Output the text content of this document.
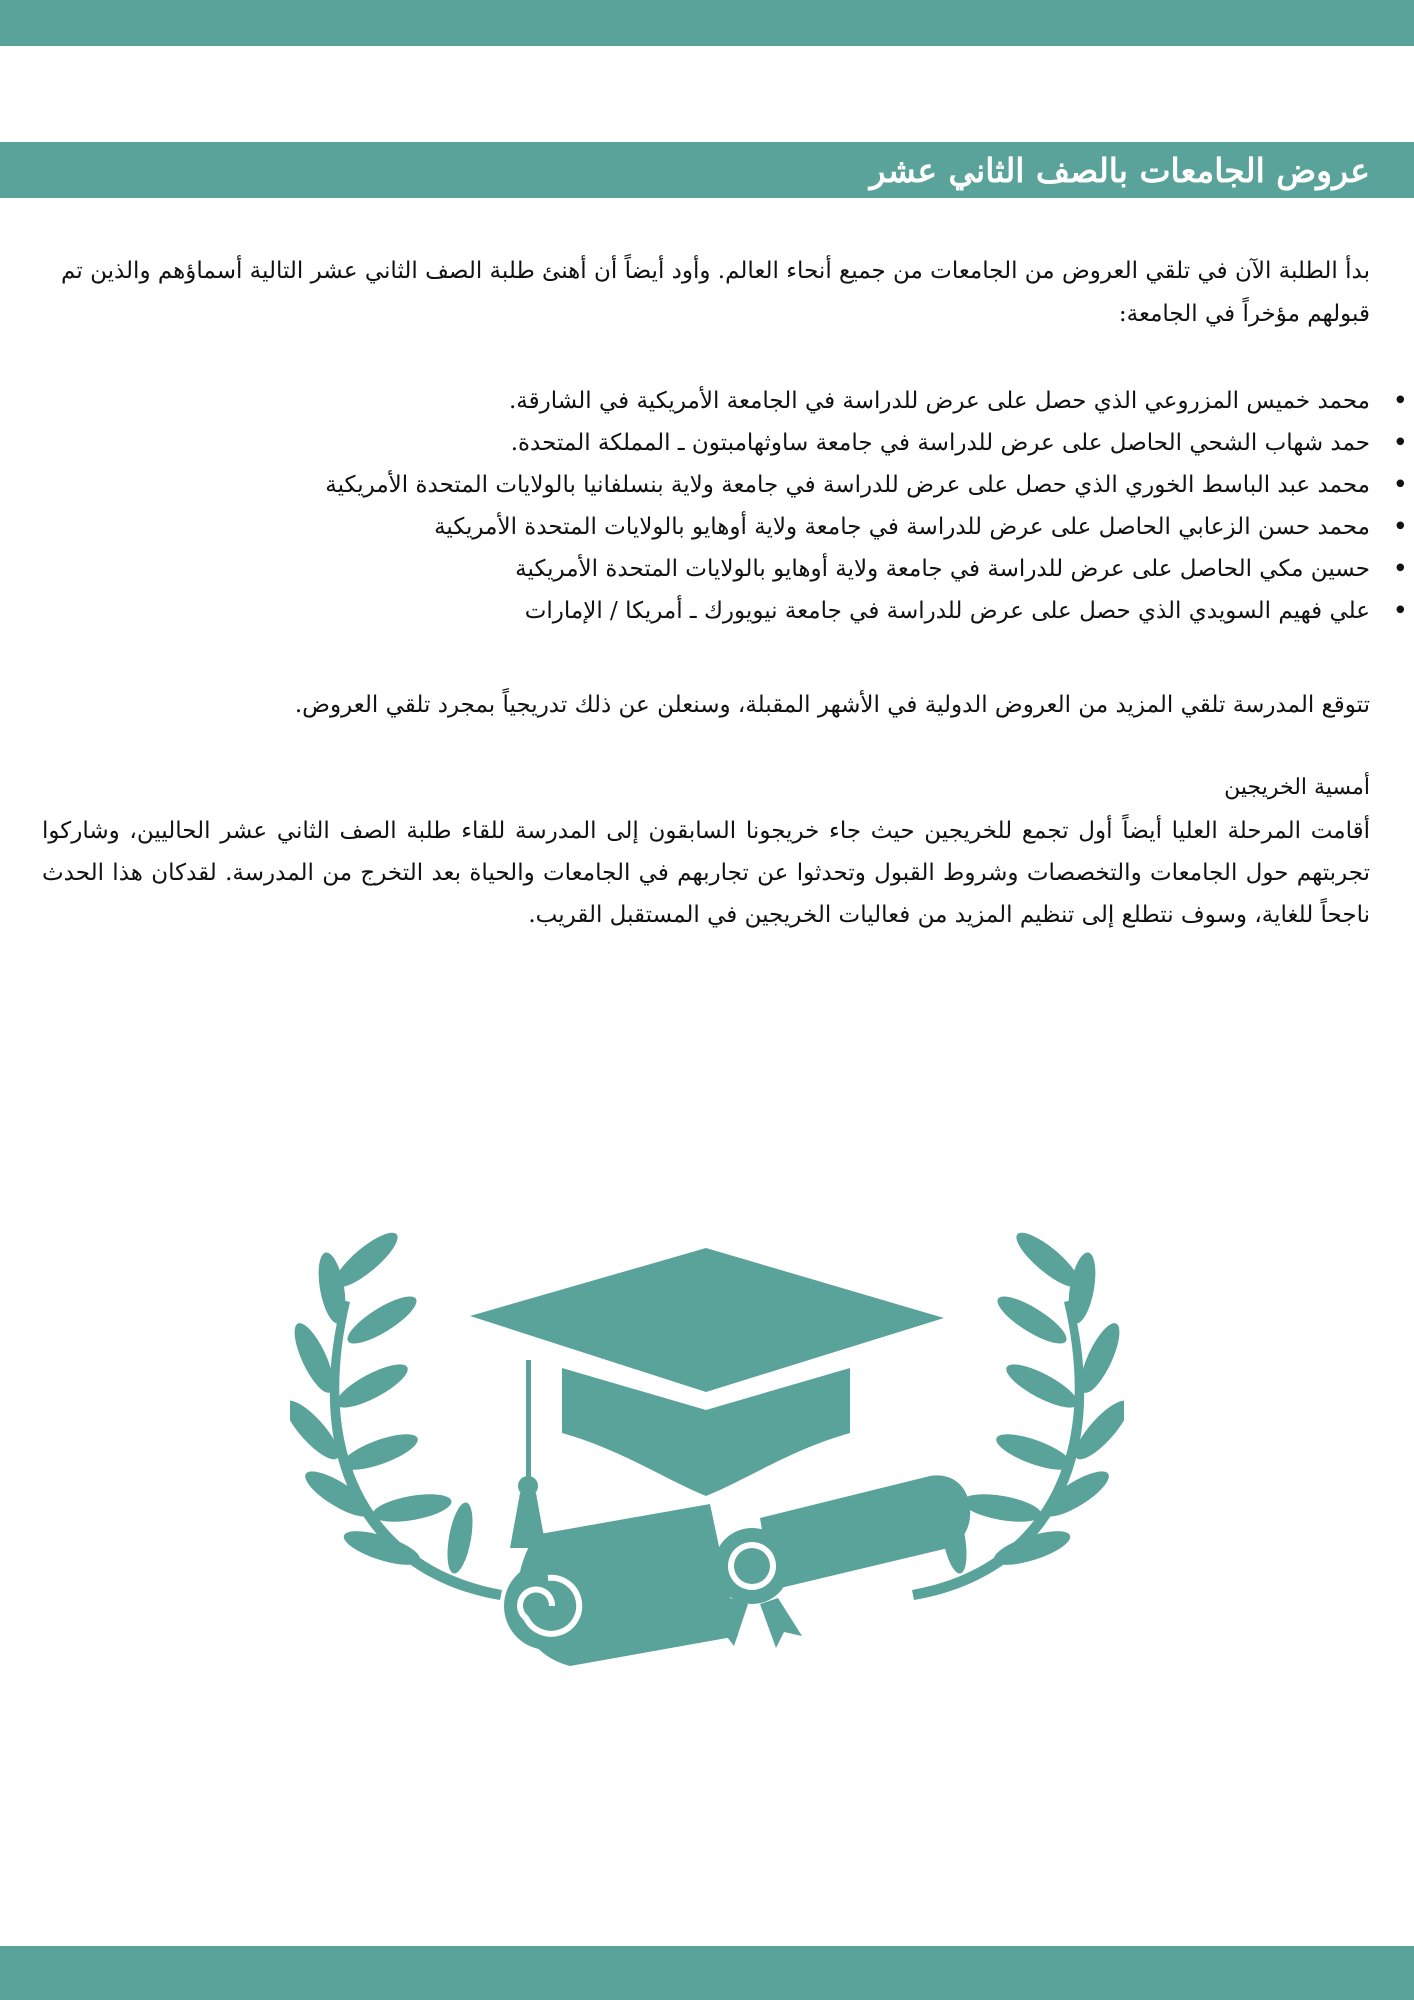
عروض الجامعات بالصف الثاني عشر

بدأ الطلبة الآن في تلقي العروض من الجامعات من جميع أنحاء العالم. وأود أيضاً أن أهنئ طلبة الصف الثاني عشر التالية أسماؤهم والذين تم قبولهم مؤخراً في الجامعة:

• محمد خميس المزروعي الذي حصل على عرض للدراسة في الجامعة الأمريكية في الشارقة.
• حمد شهاب الشحي الحاصل على عرض للدراسة في جامعة ساوثهامبتون ـ المملكة المتحدة.
• محمد عبد الباسط الخوري الذي حصل على عرض للدراسة في جامعة ولاية بنسلفانيا بالولايات المتحدة الأمريكية
• محمد حسن الزعابي الحاصل على عرض للدراسة في جامعة ولاية أوهايو بالولايات المتحدة الأمريكية
• حسين مكي الحاصل على عرض للدراسة في جامعة ولاية أوهايو بالولايات المتحدة الأمريكية
• علي فهيم السويدي الذي حصل على عرض للدراسة في جامعة نيويورك ـ أمريكا / الإمارات

تتوقع المدرسة تلقي المزيد من العروض الدولية في الأشهر المقبلة، وسنعلن عن ذلك تدريجياً بمجرد تلقي العروض.

أمسية الخريجين

أقامت المرحلة العليا أيضاً أول تجمع للخريجين حيث جاء خريجونا السابقون إلى المدرسة للقاء طلبة الصف الثاني عشر الحاليين، وشاركوا تجربتهم حول الجامعات والتخصصات وشروط القبول وتحدثوا عن تجاربهم في الجامعات والحياة بعد التخرج من المدرسة. لقدكان هذا الحدث ناجحاً للغاية، وسوف نتطلع إلى تنظيم المزيد من فعاليات الخريجين في المستقبل القريب.
